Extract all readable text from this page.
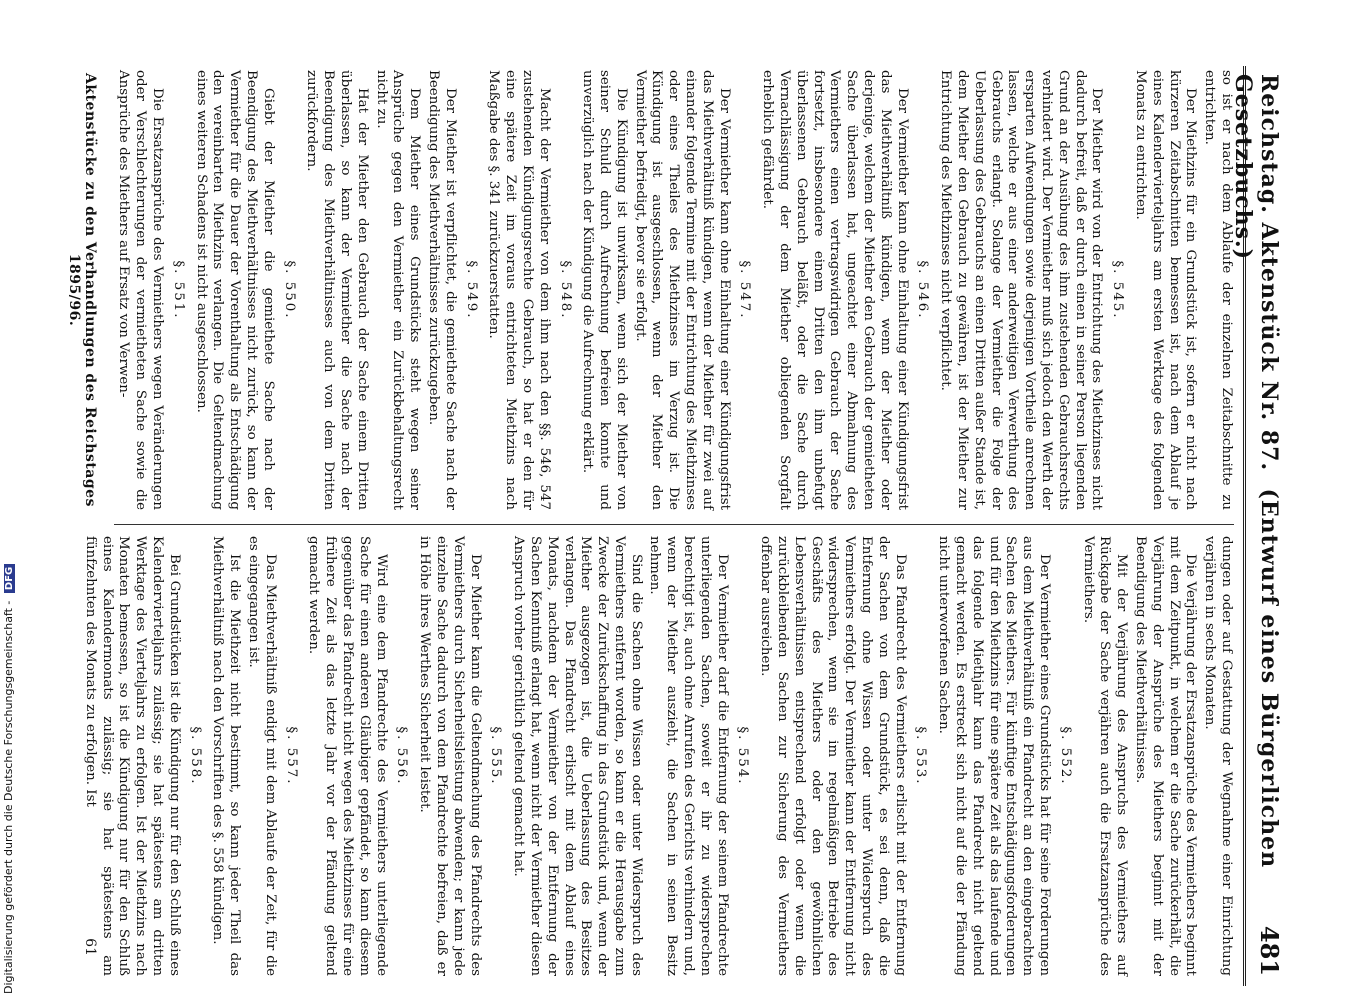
Reichstag. Aktenstück Nr. 87.  (Entwurf eines Bürgerlichen Gesetzbuchs.)
481
so ist er nach dem Ablaufe der einzelnen Zeitabschnitte zu entrichten.
Der Miethzins für ein Grundstück ist, sofern er nicht nach kürzeren Zeitabschnitten bemessen ist, nach dem Ablauf je eines Kalendervierteljahrs am ersten Werktage des folgenden Monats zu entrichten.
§. 545.
Der Miether wird von der Entrichtung des Miethzinses nicht dadurch befreit, daß er durch einen in seiner Person liegenden Grund an der Ausübung des ihm zustehenden Gebrauchsrechts verhindert wird. Der Vermiether muß sich jedoch den Werth der ersparten Aufwendungen sowie derjenigen Vortheile anrechnen lassen, welche er aus einer anderweitigen Verwerthung des Gebrauchs erlangt. Solange der Vermiether die Folge der Ueberlassung des Gebrauchs an einen Dritten außer Stande ist, dem Miether den Gebrauch zu gewähren, ist der Miether zur Entrichtung des Miethzinses nicht verpflichtet.
§. 546.
Der Vermiether kann ohne Einhaltung einer Kündigungsfrist das Miethverhältniß kündigen, wenn der Miether oder derjenige, welchem der Miether den Gebrauch der gemietheten Sache überlassen hat, ungeachtet einer Abmahnung des Vermiethers einen vertragswidrigen Gebrauch der Sache fortsetzt, insbesondere einem Dritten den ihm unbefugt überlassenen Gebrauch beläßt, oder die Sache durch Vernachlässigung der dem Miether obliegenden Sorgfalt erheblich gefährdet.
§. 547.
Der Vermiether kann ohne Einhaltung einer Kündigungsfrist das Miethverhältniß kündigen, wenn der Miether für zwei auf einander folgende Termine mit der Entrichtung des Miethzinses oder eines Theiles des Miethzinses im Verzug ist. Die Kündigung ist ausgeschlossen, wenn der Miether den Vermiether befriedigt, bevor sie erfolgt.
Die Kündigung ist unwirksam, wenn sich der Miether von seiner Schuld durch Aufrechnung befreien konnte und unverzüglich nach der Kündigung die Aufrechnung erklärt.
§. 548.
Macht der Vermiether von dem ihm nach den §§. 546, 547 zustehenden Kündigungsrechte Gebrauch, so hat er den für eine spätere Zeit im voraus entrichteten Miethzins nach Maßgabe des §. 341 zurückzuerstatten.
§. 549.
Der Miether ist verpflichtet, die gemiethete Sache nach der Beendigung des Miethverhältnisses zurückzugeben.
Dem Miether eines Grundstücks steht wegen seiner Ansprüche gegen den Vermiether ein Zurückbehaltungsrecht nicht zu.
Hat der Miether den Gebrauch der Sache einem Dritten überlassen, so kann der Vermiether die Sache nach der Beendigung des Miethverhältnisses auch von dem Dritten zurückfordern.
§. 550.
Giebt der Miether die gemiethete Sache nach der Beendigung des Miethverhältnisses nicht zurück, so kann der Vermiether für die Dauer der Vorenthaltung als Entschädigung den vereinbarten Miethzins verlangen. Die Geltendmachung eines weiteren Schadens ist nicht ausgeschlossen.
§. 551.
Die Ersatzansprüche des Vermiethers wegen Veränderungen oder Verschlechterungen der vermietheten Sache sowie die Ansprüche des Miethers auf Ersatz von Verwen-
dungen oder auf Gestattung der Wegnahme einer Einrichtung verjähren in sechs Monaten.
Die Verjährung der Ersatzansprüche des Vermiethers beginnt mit dem Zeitpunkt, in welchem er die Sache zurückerhält, die Verjährung der Ansprüche des Miethers beginnt mit der Beendigung des Miethverhältnisses.
Mit der Verjährung des Anspruchs des Vermiethers auf Rückgabe der Sache verjähren auch die Ersatzansprüche des Vermiethers.
§. 552.
Der Vermiether eines Grundstücks hat für seine Forderungen aus dem Miethverhältniß ein Pfandrecht an den eingebrachten Sachen des Miethers. Für künftige Entschädigungsforderungen und für den Miethzins für eine spätere Zeit als das laufende und das folgende Miethjahr kann das Pfandrecht nicht geltend gemacht werden. Es erstreckt sich nicht auf die der Pfändung nicht unterworfenen Sachen.
§. 553.
Das Pfandrecht des Vermiethers erlischt mit der Entfernung der Sachen von dem Grundstück, es sei denn, daß die Entfernung ohne Wissen oder unter Widerspruch des Vermiethers erfolgt. Der Vermiether kann der Entfernung nicht widersprechen, wenn sie im regelmäßigen Betriebe des Geschäfts des Miethers oder den gewöhnlichen Lebensverhältnissen entsprechend erfolgt oder wenn die zurückbleibenden Sachen zur Sicherung des Vermiethers offenbar ausreichen.
§. 554.
Der Vermiether darf die Entfernung der seinem Pfandrechte unterliegenden Sachen, soweit er ihr zu widersprechen berechtigt ist, auch ohne Anrufen des Gerichts verhindern und, wenn der Miether auszieht, die Sachen in seinen Besitz nehmen.
Sind die Sachen ohne Wissen oder unter Widerspruch des Vermiethers entfernt worden, so kann er die Herausgabe zum Zwecke der Zurückschaffung in das Grundstück und, wenn der Miether ausgezogen ist, die Ueberlassung des Besitzes verlangen. Das Pfandrecht erlischt mit dem Ablauf eines Monats, nachdem der Vermiether von der Entfernung der Sachen Kenntniß erlangt hat, wenn nicht der Vermiether diesen Anspruch vorher gerichtlich geltend gemacht hat.
§. 555.
Der Miether kann die Geltendmachung des Pfandrechts des Vermiethers durch Sicherheitsleistung abwenden; er kann jede einzelne Sache dadurch von dem Pfandrechte befreien, daß er in Höhe ihres Werthes Sicherheit leistet.
§. 556.
Wird eine dem Pfandrechte des Vermiethers unterliegende Sache für einen anderen Gläubiger gepfändet, so kann diesem gegenüber das Pfandrecht nicht wegen des Miethzinses für eine frühere Zeit als das letzte Jahr vor der Pfändung geltend gemacht werden.
§. 557.
Das Miethverhältniß endigt mit dem Ablaufe der Zeit, für die es eingegangen ist.
Ist die Miethzeit nicht bestimmt, so kann jeder Theil das Miethverhältniß nach den Vorschriften des §. 558 kündigen.
§. 558.
Bei Grundstücken ist die Kündigung nur für den Schluß eines Kalendervierteljahrs zulässig; sie hat spätestens am dritten Werktage des Vierteljahrs zu erfolgen. Ist der Miethzins nach Monaten bemessen, so ist die Kündigung nur für den Schluß eines Kalendermonats zulässig; sie hat spätestens am fünfzehnten des Monats zu erfolgen. Ist
Aktenstücke zu den Verhandlungen des Reichstages 1895/96.
61
Digitalisierung gefördert durch die Deutsche Forschungsgemeinschaft - DFG
